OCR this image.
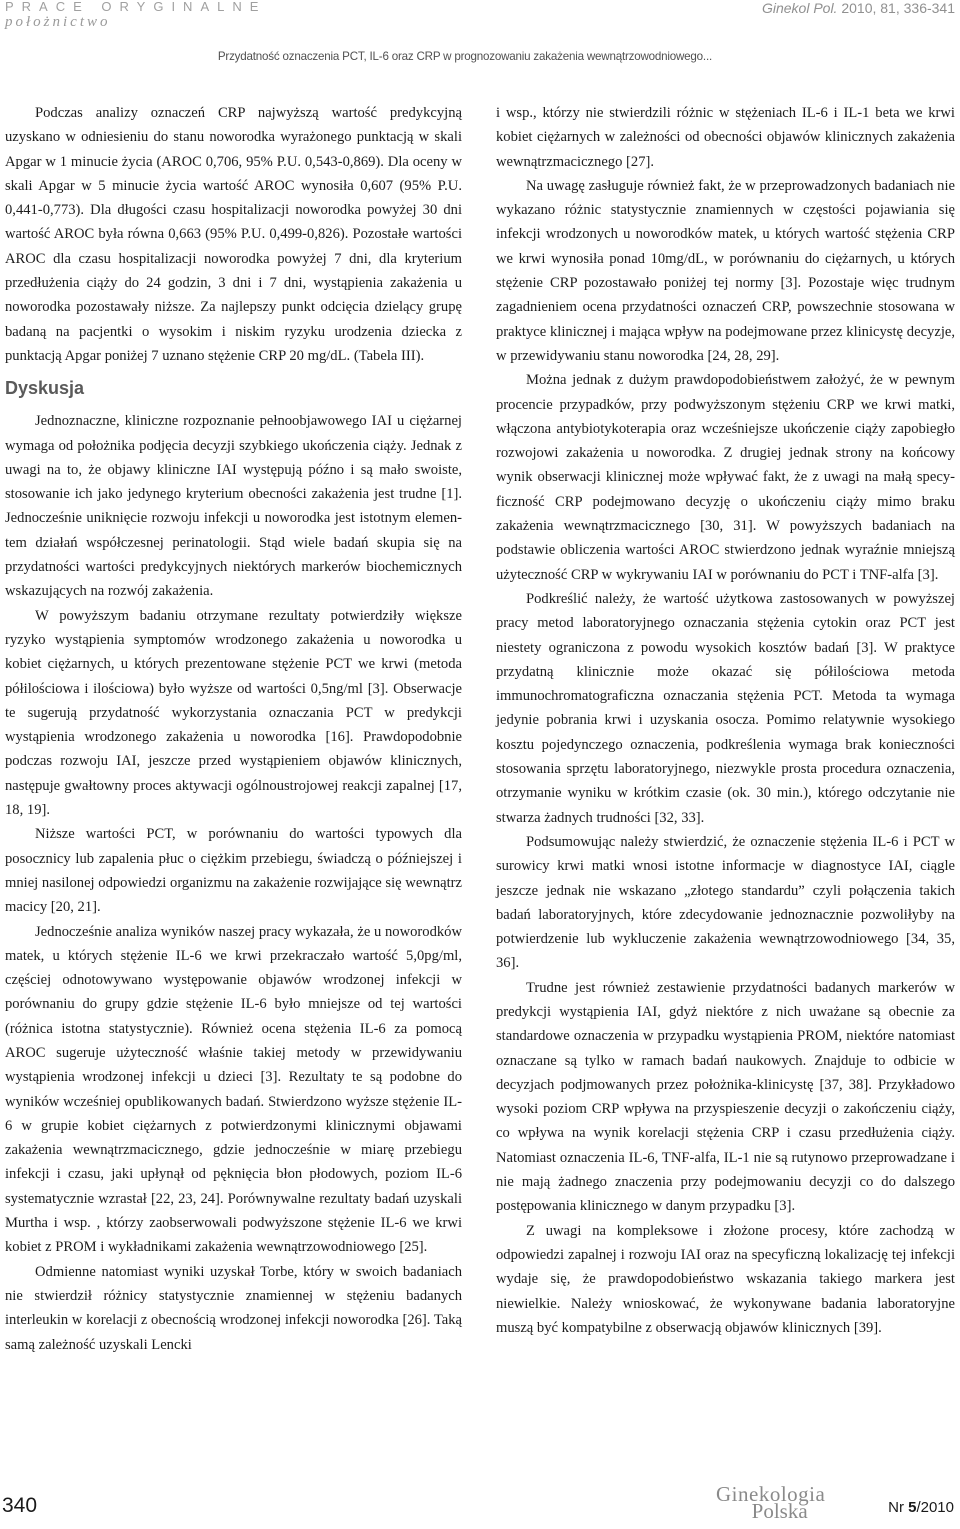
PRACE ORYGINALNE
położnictwo
Ginekol Pol. 2010, 81, 336-341
Przydatność oznaczenia PCT, IL-6 oraz CRP w prognozowaniu zakażenia wewnątrzowodniowego...

Podczas analizy oznaczeń CRP najwyższą wartość predykcyjną uzyskano w odniesieniu do stanu noworodka wyrażonego punktacją w skali Apgar w 1 minucie życia (AROC 0,706, 95% P.U. 0,543-0,869). Dla oceny w skali Apgar w 5 minucie życia wartość AROC wynosiła 0,607 (95% P.U. 0,441-0,773). Dla długości czasu hospitalizacji noworodka powyżej 30 dni wartość AROC była równa 0,663 (95% P.U. 0,499-0,826). Pozostałe wartości AROC dla czasu hospitalizacji noworodka powyżej 7 dni, dla kryterium przedłużenia ciąży do 24 godzin, 3 dni i 7 dni, wystąpienia zakażenia u noworodka pozostawały niższe. Za najlepszy punkt odcięcia dzielący grupę badaną na pacjentki o wysokim i niskim ryzyku urodzenia dziecka z punktacją Apgar poniżej 7 uznano stężenie CRP 20 mg/dL. (Tabela III).

Dyskusja

Jednoznaczne, kliniczne rozpoznanie pełnoobjawowego IAI u ciężarnej wymaga od położnika podjęcia decyzji szybkiego ukończenia ciąży. Jednak z uwagi na to, że objawy kliniczne IAI występują późno i są mało swoiste, stosowanie ich jako jedynego kryterium obecności zakażenia jest trudne [1]. Jednocześnie uniknięcie rozwoju infekcji u noworodka jest istotnym elementem działań współczesnej perinatologii. Stąd wiele badań skupia się na przydatności wartości predykcyjnych niektórych markerów biochemicznych wskazujących na rozwój zakażenia.

W powyższym badaniu otrzymane rezultaty potwierdziły większe ryzyko wystąpienia symptomów wrodzonego zakażenia u noworodka u kobiet ciężarnych, u których prezentowane stężenie PCT we krwi (metoda półilościowa i ilościowa) było wyższe od wartości 0,5ng/ml [3]. Obserwacje te sugerują przydatność wykorzystania oznaczania PCT w predykcji wystąpienia wrodzonego zakażenia u noworodka [16]. Prawdopodobnie podczas rozwoju IAI, jeszcze przed wystąpieniem objawów klinicznych, następuje gwałtowny proces aktywacji ogólnoustrojowej reakcji zapalnej [17, 18, 19].

Niższe wartości PCT, w porównaniu do wartości typowych dla posocznicy lub zapalenia płuc o ciężkim przebiegu, świadczą o późniejszej i mniej nasilonej odpowiedzi organizmu na zakażenie rozwijające się wewnątrz macicy [20, 21].

Jednocześnie analiza wyników naszej pracy wykazała, że u noworodków matek, u których stężenie IL-6 we krwi przekraczało wartość 5,0pg/ml, częściej odnotowywano występowanie objawów wrodzonej infekcji w porównaniu do grupy gdzie stężenie IL-6 było mniejsze od tej wartości (różnica istotna statystycznie). Również ocena stężenia IL-6 za pomocą AROC sugeruje użyteczność właśnie takiej metody w przewidywaniu wystąpienia wrodzonej infekcji u dzieci [3]. Rezultaty te są podobne do wyników wcześniej opublikowanych badań. Stwierdzono wyższe stężenie IL-6 w grupie kobiet ciężarnych z potwierdzonymi klinicznymi objawami zakażenia wewnątrzmacicznego, gdzie jednocześnie w miarę przebiegu infekcji i czasu, jaki upłynął od pęknięcia błon płodowych, poziom IL-6 systematycznie wzrastał [22, 23, 24]. Porównywalne rezultaty badań uzyskali Murtha i wsp. , którzy zaobserwowali podwyższone stężenie IL-6 we krwi kobiet z PROM i wykładnikami zakażenia wewnątrzowodniowego [25].

Odmienne natomiast wyniki uzyskał Torbe, który w swoich badaniach nie stwierdził różnicy statystycznie znamiennej w stężeniu badanych interleukin w korelacji z obecnością wrodzonej infekcji noworodka [26]. Taką samą zależność uzyskali Lencki

i wsp., którzy nie stwierdzili różnic w stężeniach IL-6 i IL-1 beta we krwi kobiet ciężarnych w zależności od obecności objawów klinicznych zakażenia wewnątrzmacicznego [27].

Na uwagę zasługuje również fakt, że w przeprowadzonych badaniach nie wykazano różnic statystycznie znamiennych w częstości pojawiania się infekcji wrodzonych u noworodków matek, u których wartość stężenia CRP we krwi wynosiła ponad 10mg/dL, w porównaniu do ciężarnych, u których stężenie CRP pozostawało poniżej tej normy [3]. Pozostaje więc trudnym zagadnieniem ocena przydatności oznaczeń CRP, powszechnie stosowana w praktyce klinicznej i mająca wpływ na podejmowane przez klinicystę decyzje, w przewidywaniu stanu noworodka [24, 28, 29].

Można jednak z dużym prawdopodobieństwem założyć, że w pewnym procencie przypadków, przy podwyższonym stężeniu CRP we krwi matki, włączona antybiotykoterapia oraz wcześniejsze ukończenie ciąży zapobiegło rozwojowi zakażenia u noworodka. Z drugiej jednak strony na końcowy wynik obserwacji klinicznej może wpływać fakt, że z uwagi na małą specyficzność CRP podejmowano decyzję o ukończeniu ciąży mimo braku zakażenia wewnątrzmacicznego [30, 31]. W powyższych badaniach na podstawie obliczenia wartości AROC stwierdzono jednak wyraźnie mniejszą użyteczność CRP w wykrywaniu IAI w porównaniu do PCT i TNF-alfa [3].

Podkreślić należy, że wartość użytkowa zastosowanych w powyższej pracy metod laboratoryjnego oznaczania stężenia cytokin oraz PCT jest niestety ograniczona z powodu wysokich kosztów badań [3]. W praktyce przydatną klinicznie może okazać się półilościowa metoda immunochromatograficzna oznaczania stężenia PCT. Metoda ta wymaga jedynie pobrania krwi i uzyskania osocza. Pomimo relatywnie wysokiego kosztu pojedynczego oznaczenia, podkreślenia wymaga brak konieczności stosowania sprzętu laboratoryjnego, niezwykle prosta procedura oznaczenia, otrzymanie wyniku w krótkim czasie (ok. 30 min.), którego odczytanie nie stwarza żadnych trudności [32, 33].

Podsumowując należy stwierdzić, że oznaczenie stężenia IL-6 i PCT w surowicy krwi matki wnosi istotne informacje w diagnostyce IAI, ciągle jeszcze jednak nie wskazano „złotego standardu” czyli połączenia takich badań laboratoryjnych, które zdecydowanie jednoznacznie pozwoliłyby na potwierdzenie lub wykluczenie zakażenia wewnątrzowodniowego [34, 35, 36].

Trudne jest również zestawienie przydatności badanych markerów w predykcji wystąpienia IAI, gdyż niektóre z nich uważane są obecnie za standardowe oznaczenia w przypadku wystąpienia PROM, niektóre natomiast oznaczane są tylko w ramach badań naukowych. Znajduje to odbicie w decyzjach podjmowanych przez położnika-klinicystę [37, 38]. Przykładowo wysoki poziom CRP wpływa na przyspieszenie decyzji o zakończeniu ciąży, co wpływa na wynik korelacji stężenia CRP i czasu przedłużenia ciąży. Natomiast oznaczenia IL-6, TNF-alfa, IL-1 nie są rutynowo przeprowadzane i nie mają żadnego znaczenia przy podejmowaniu decyzji co do dalszego postępowania klinicznego w danym przypadku [3].

Z uwagi na kompleksowe i złożone procesy, które zachodzą w odpowiedzi zapalnej i rozwoju IAI oraz na specyficzną lokalizację tej infekcji wydaje się, że prawdopodobieństwo wskazania takiego markera jest niewielkie. Należy wnioskować, że wykonywane badania laboratoryjne muszą być kompatybilne z obserwacją objawów klinicznych [39].

340	Ginekologia
Polska	Nr 5/2010
